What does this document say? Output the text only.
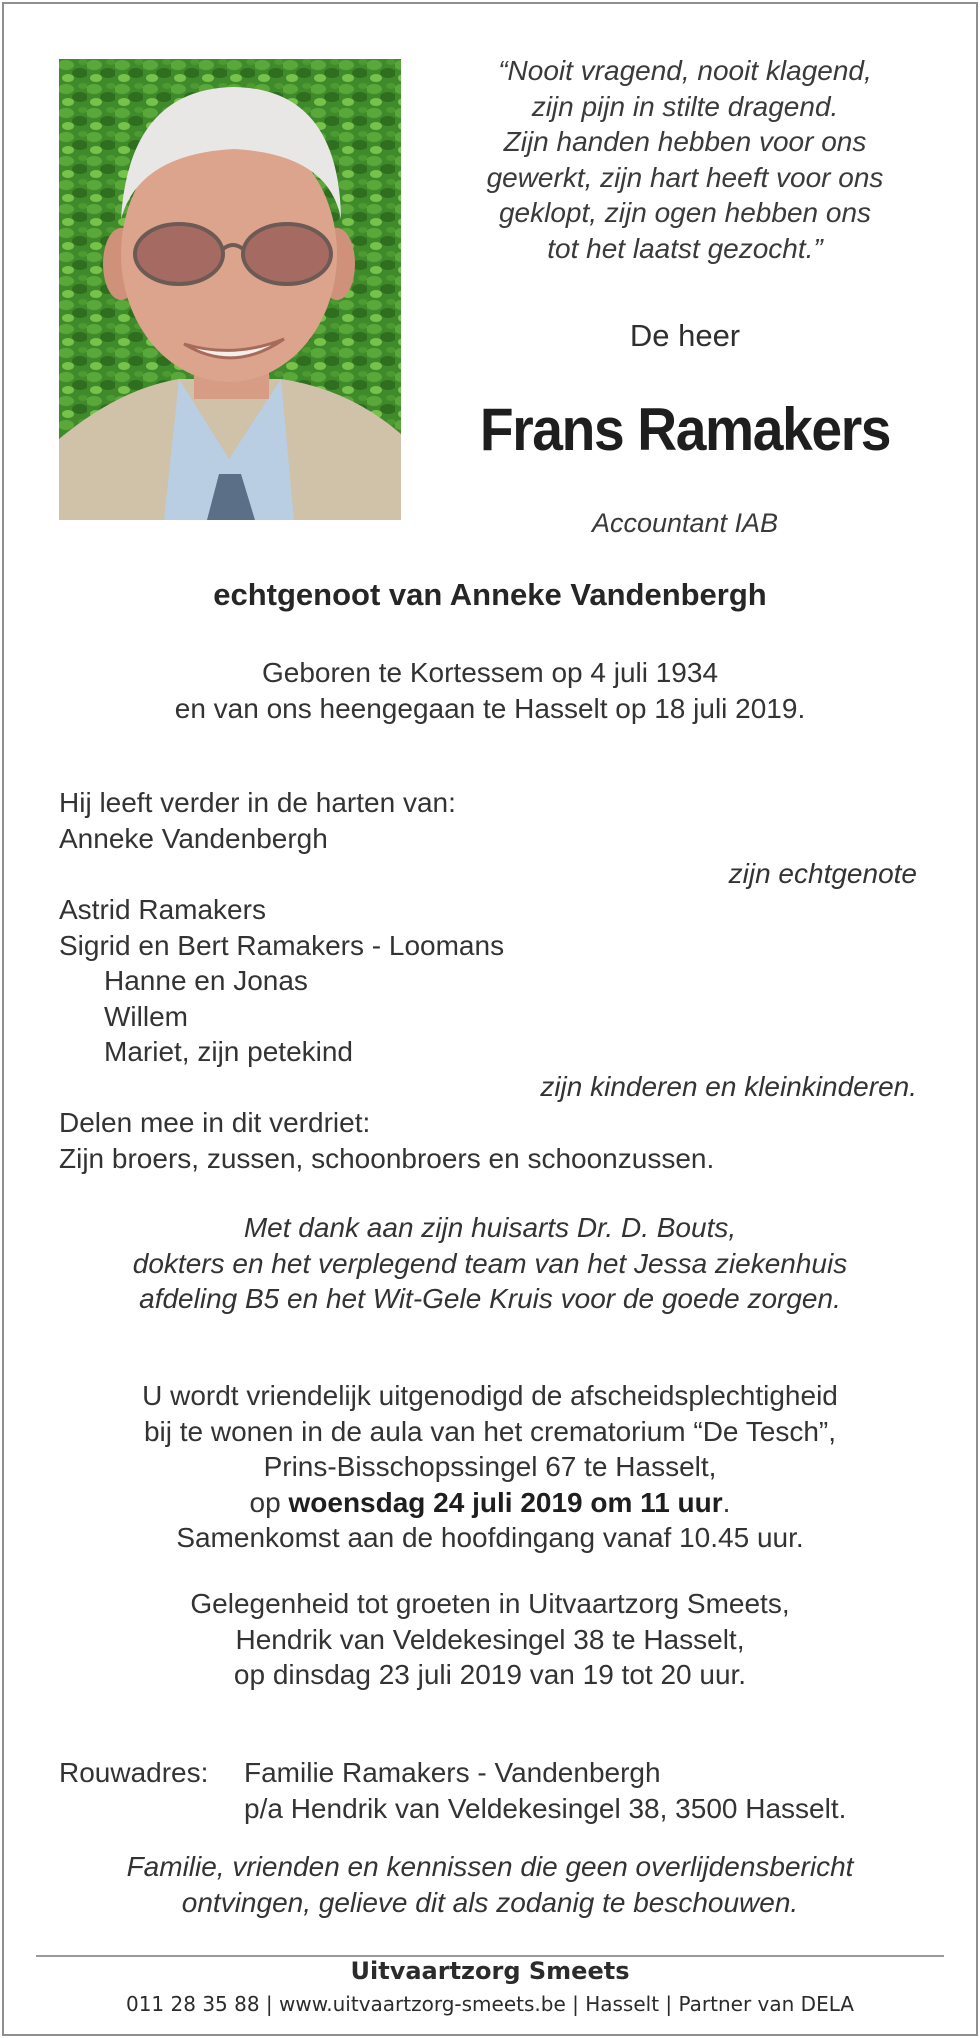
“Nooit vragend, nooit klagend,
zijn pijn in stilte dragend.
Zijn handen hebben voor ons
gewerkt, zijn hart heeft voor ons
geklopt, zijn ogen hebben ons
tot het laatst gezocht.”
De heer
Frans Ramakers
Accountant IAB
echtgenoot van Anneke Vandenbergh
Geboren te Kortessem op 4 juli 1934
en van ons heengegaan te Hasselt op 18 juli 2019.
Hij leeft verder in de harten van:
Anneke Vandenbergh
zijn echtgenote
Astrid Ramakers
Sigrid en Bert Ramakers - Loomans
Hanne en Jonas
Willem
Mariet, zijn petekind
zijn kinderen en kleinkinderen.
Delen mee in dit verdriet:
Zijn broers, zussen, schoonbroers en schoonzussen.
Met dank aan zijn huisarts Dr. D. Bouts,
dokters en het verplegend team van het Jessa ziekenhuis
afdeling B5 en het Wit-Gele Kruis voor de goede zorgen.
U wordt vriendelijk uitgenodigd de afscheidsplechtigheid
bij te wonen in de aula van het crematorium “De Tesch”,
Prins-Bisschopssingel 67 te Hasselt,
op woensdag 24 juli 2019 om 11 uur.
Samenkomst aan de hoofdingang vanaf 10.45 uur.
Gelegenheid tot groeten in Uitvaartzorg Smeets,
Hendrik van Veldekesingel 38 te Hasselt,
op dinsdag 23 juli 2019 van 19 tot 20 uur.
Rouwadres: Familie Ramakers - Vandenbergh
p/a Hendrik van Veldekesingel 38, 3500 Hasselt.
Familie, vrienden en kennissen die geen overlijdensbericht
ontvingen, gelieve dit als zodanig te beschouwen.
Uitvaartzorg Smeets
011 28 35 88 | www.uitvaartzorg-smeets.be | Hasselt | Partner van DELA
